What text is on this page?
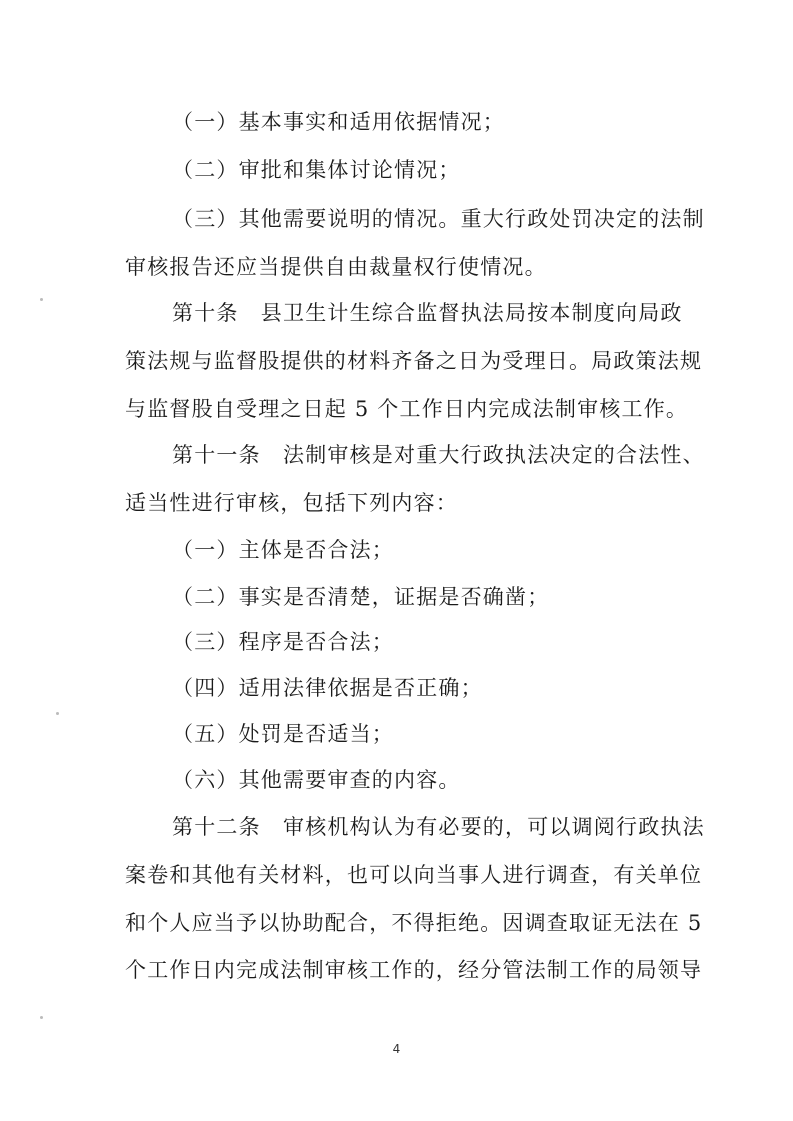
（一）基本事实和适用依据情况；
（二）审批和集体讨论情况；
（三）其他需要说明的情况。重大行政处罚决定的法制
审核报告还应当提供自由裁量权行使情况。
第十条　县卫生计生综合监督执法局按本制度向局政
策法规与监督股提供的材料齐备之日为受理日。局政策法规
与监督股自受理之日起 5 个工作日内完成法制审核工作。
第十一条　法制审核是对重大行政执法决定的合法性、
适当性进行审核，包括下列内容：
（一）主体是否合法；
（二）事实是否清楚，证据是否确凿；
（三）程序是否合法；
（四）适用法律依据是否正确；
（五）处罚是否适当；
（六）其他需要审查的内容。
第十二条　审核机构认为有必要的，可以调阅行政执法
案卷和其他有关材料，也可以向当事人进行调查，有关单位
和个人应当予以协助配合，不得拒绝。因调查取证无法在 5
个工作日内完成法制审核工作的，经分管法制工作的局领导
4
